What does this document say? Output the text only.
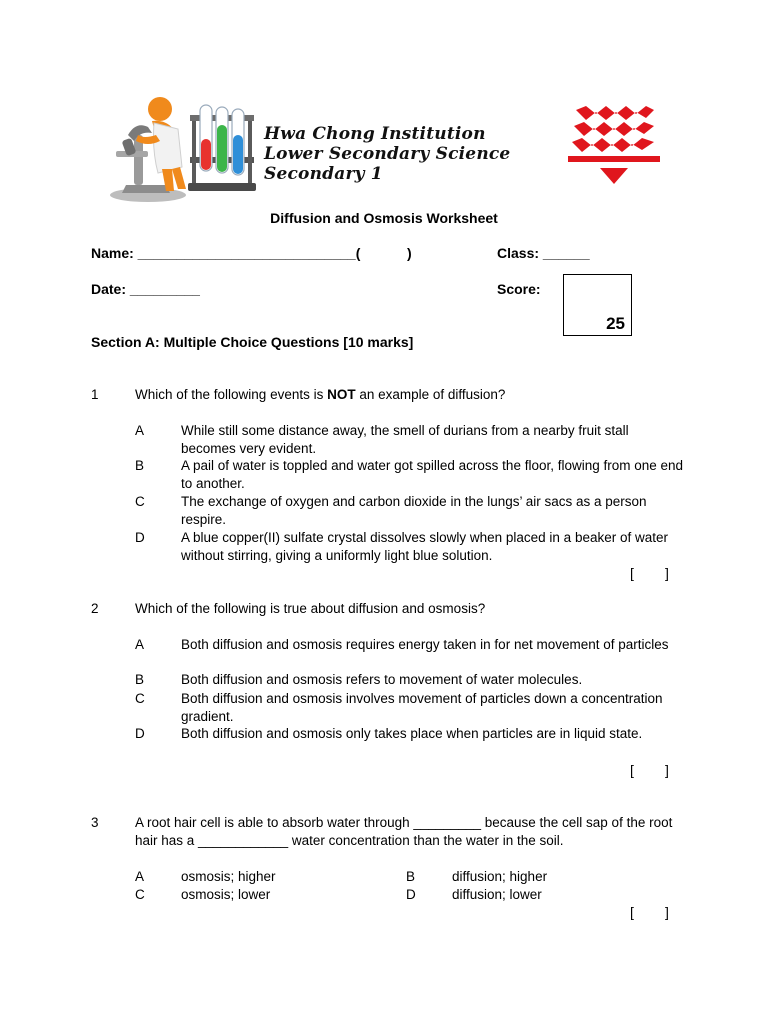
Hwa Chong Institution
Lower Secondary Science
Secondary 1
Diffusion and Osmosis Worksheet
Name: ____________________________(            )	Class: ______
Date: _________	Score:
25
Section A: Multiple Choice Questions [10 marks]
1	Which of the following events is NOT an example of diffusion?
A	While still some distance away, the smell of durians from a nearby fruit stall becomes very evident.
B	A pail of water is toppled and water got spilled across the floor, flowing from one end to another.
C	The exchange of oxygen and carbon dioxide in the lungs’ air sacs as a person respire.
D	A blue copper(II) sulfate crystal dissolves slowly when placed in a beaker of water without stirring, giving a uniformly light blue solution.
[        ]
2	Which of the following is true about diffusion and osmosis?
A	Both diffusion and osmosis requires energy taken in for net movement of particles
B	Both diffusion and osmosis refers to movement of water molecules.
C	Both diffusion and osmosis involves movement of particles down a concentration gradient.
D	Both diffusion and osmosis only takes place when particles are in liquid state.
[        ]
3	A root hair cell is able to absorb water through _________ because the cell sap of the root hair has a ____________ water concentration than the water in the soil.
A	osmosis; higher	B	diffusion; higher
C	osmosis; lower	D	diffusion; lower
[        ]
